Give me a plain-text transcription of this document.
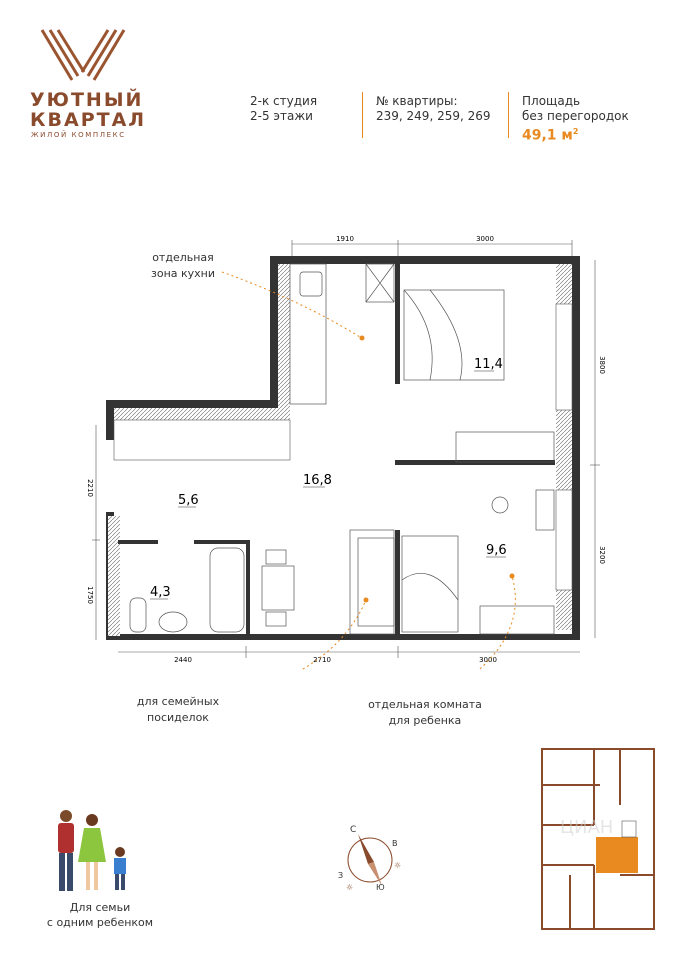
УЮТНЫЙ
КВАРТАЛ
ЖИЛОЙ КОМПЛЕКС
2-к студия
2-5 этажи
№ квартиры:
239, 249, 259, 269
Площадь
без перегородок
49,1 $м^2$
1910	3000
3800
3200
2210
1750
2440	2710	3000
11,4
16,8
5,6
4,3
9,6
отдельная
зона кухни
для семейных
посиделок
отдельная комната
для ребенка
Для семьи
с одним ребенком
С
В
Ю
З
☼
☼
ЦИАН
